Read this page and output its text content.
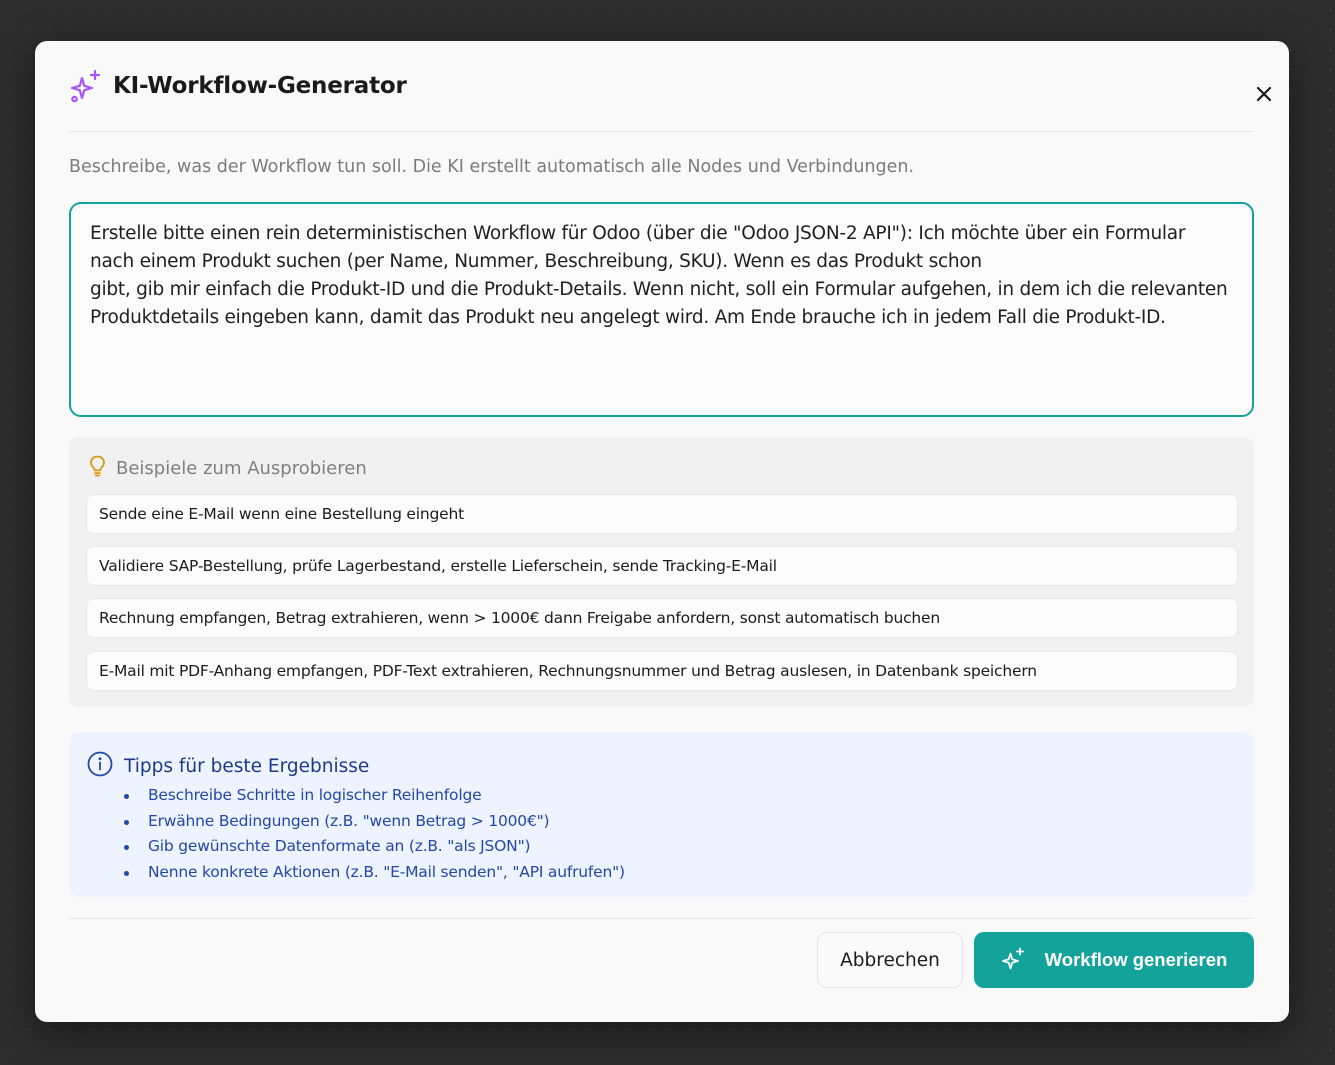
KI-Workflow-Generator
Beschreibe, was der Workflow tun soll. Die KI erstellt automatisch alle Nodes und Verbindungen.
Erstelle bitte einen rein deterministischen Workflow für Odoo (über die "Odoo JSON-2 API"): Ich möchte über ein Formular nach einem Produkt suchen (per Name, Nummer, Beschreibung, SKU). Wenn es das Produkt schon
gibt, gib mir einfach die Produkt-ID und die Produkt-Details. Wenn nicht, soll ein Formular aufgehen, in dem ich die relevanten Produktdetails eingeben kann, damit das Produkt neu angelegt wird. Am Ende brauche ich in jedem Fall die Produkt-ID.
Beispiele zum Ausprobieren
Sende eine E-Mail wenn eine Bestellung eingeht
Validiere SAP-Bestellung, prüfe Lagerbestand, erstelle Lieferschein, sende Tracking-E-Mail
Rechnung empfangen, Betrag extrahieren, wenn > 1000€ dann Freigabe anfordern, sonst automatisch buchen
E-Mail mit PDF-Anhang empfangen, PDF-Text extrahieren, Rechnungsnummer und Betrag auslesen, in Datenbank speichern
Tipps für beste Ergebnisse
Beschreibe Schritte in logischer Reihenfolge
Erwähne Bedingungen (z.B. "wenn Betrag > 1000€")
Gib gewünschte Datenformate an (z.B. "als JSON")
Nenne konkrete Aktionen (z.B. "E-Mail senden", "API aufrufen")
Abbrechen	Workflow generieren
